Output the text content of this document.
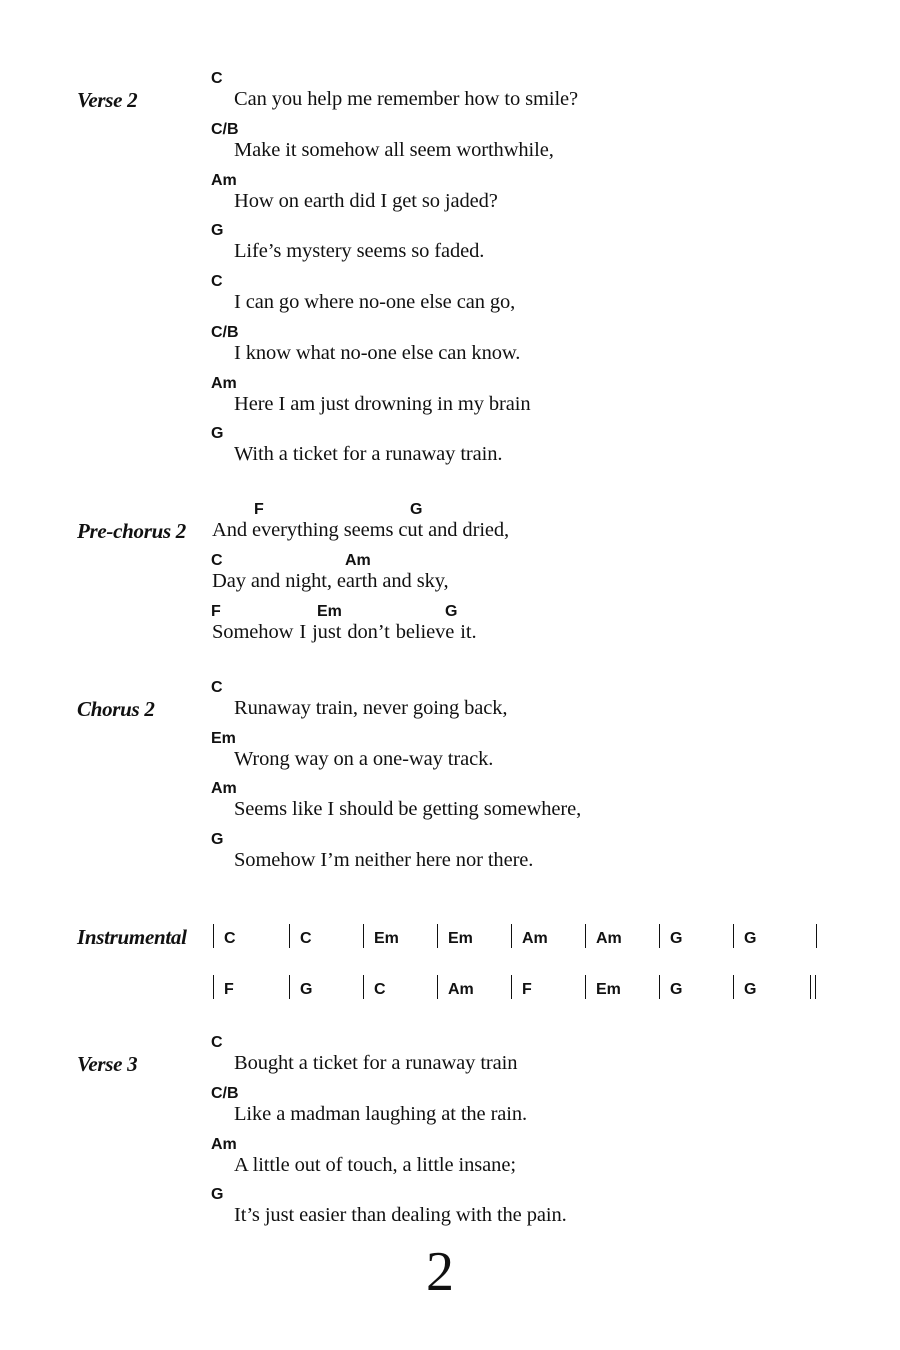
Verse 2
C
Can you help me remember how to smile?
C/B
Make it somehow all seem worthwhile,
Am
How on earth did I get so jaded?
G
Life’s mystery seems so faded.
C
I can go where no-one else can go,
C/B
I know what no-one else can know.
Am
Here I am just drowning in my brain
G
With a ticket for a runaway train.
Pre-chorus 2
F	G
And everything seems cut and dried,
C	Am
Day and night, earth and sky,
F	Em	G
Somehow I just don’t believe it.
Chorus 2
C
Runaway train, never going back,
Em
Wrong way on a one-way track.
Am
Seems like I should be getting somewhere,
G
Somehow I’m neither here nor there.
Instrumental C	C	Em	Em	Am	Am	G	G
F	G	C	Am	F	Em	G	G
Verse 3
C
Bought a ticket for a runaway train
C/B
Like a madman laughing at the rain.
Am
A little out of touch, a little insane;
G
It’s just easier than dealing with the pain.
2
